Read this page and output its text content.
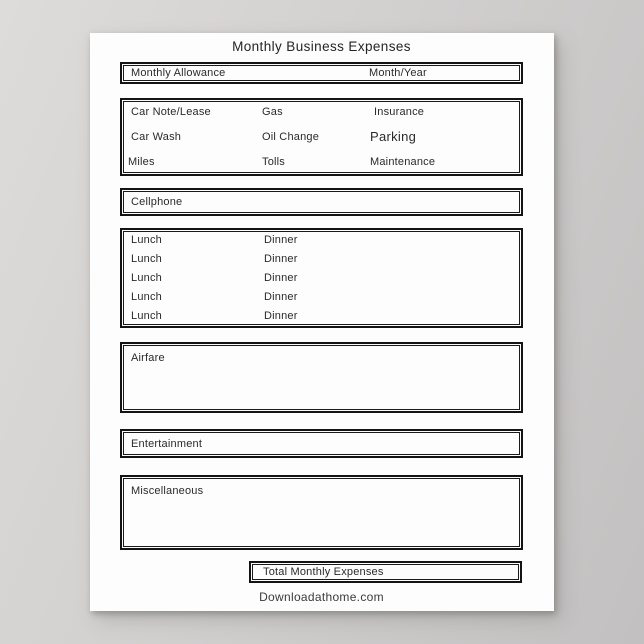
Monthly Business Expenses
Monthly Allowance	Month/Year
Car Note/Lease	Gas	Insurance
Car Wash	Oil Change	Parking
Miles	Tolls	Maintenance
Cellphone
Lunch	Dinner
Lunch	Dinner
Lunch	Dinner
Lunch	Dinner
Lunch	Dinner
Airfare
Entertainment
Miscellaneous
Total Monthly Expenses
Downloadathome.com
